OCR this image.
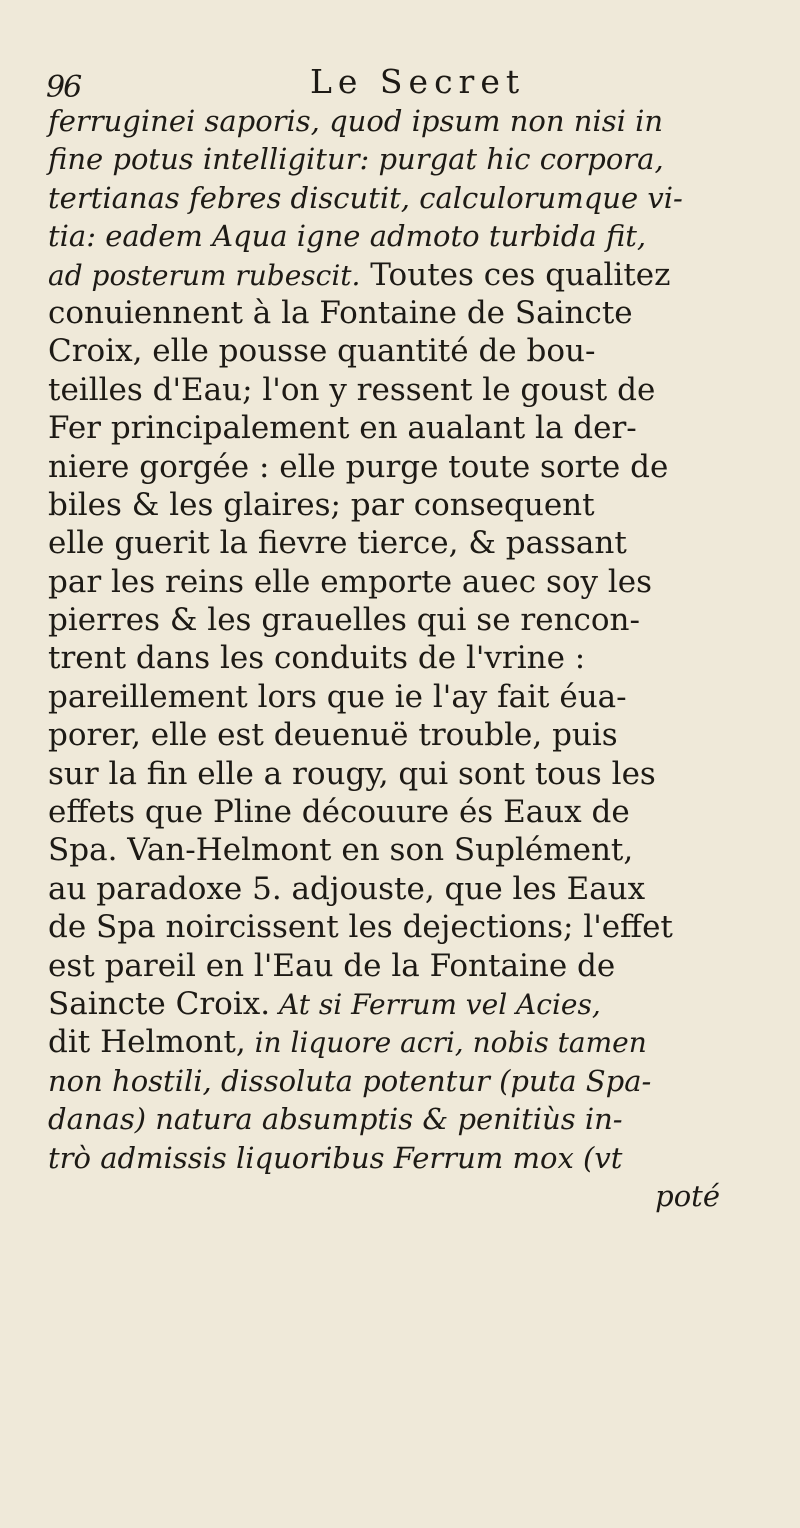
96	Le Secret
ferruginei saporis, quod ipsum non nisi in
fine potus intelligitur: purgat hic corpora,
tertianas febres discutit, calculorumque vi-
tia: eadem Aqua igne admoto turbida fit,
ad posterum rubescit. Toutes ces qualitez
conuiennent à la Fontaine de Saincte
Croix, elle pousse quantité de bou-
teilles d'Eau; l'on y ressent le goust de
Fer principalement en aualant la der-
niere gorgée : elle purge toute sorte de
biles & les glaires; par consequent
elle guerit la fievre tierce, & passant
par les reins elle emporte auec soy les
pierres & les grauelles qui se rencon-
trent dans les conduits de l'vrine :
pareillement lors que ie l'ay fait éua-
porer, elle est deuenuë trouble, puis
sur la fin elle a rougy, qui sont tous les
effets que Pline découure és Eaux de
Spa. Van-Helmont en son Suplément,
au paradoxe 5. adjouste, que les Eaux
de Spa noircissent les dejections; l'effet
est pareil en l'Eau de la Fontaine de
Saincte Croix. At si Ferrum vel Acies,
dit Helmont, in liquore acri, nobis tamen
non hostili, dissoluta potentur (puta Spa-
danas) natura absumptis & penitiùs in-
trò admissis liquoribus Ferrum mox (vt
poté
